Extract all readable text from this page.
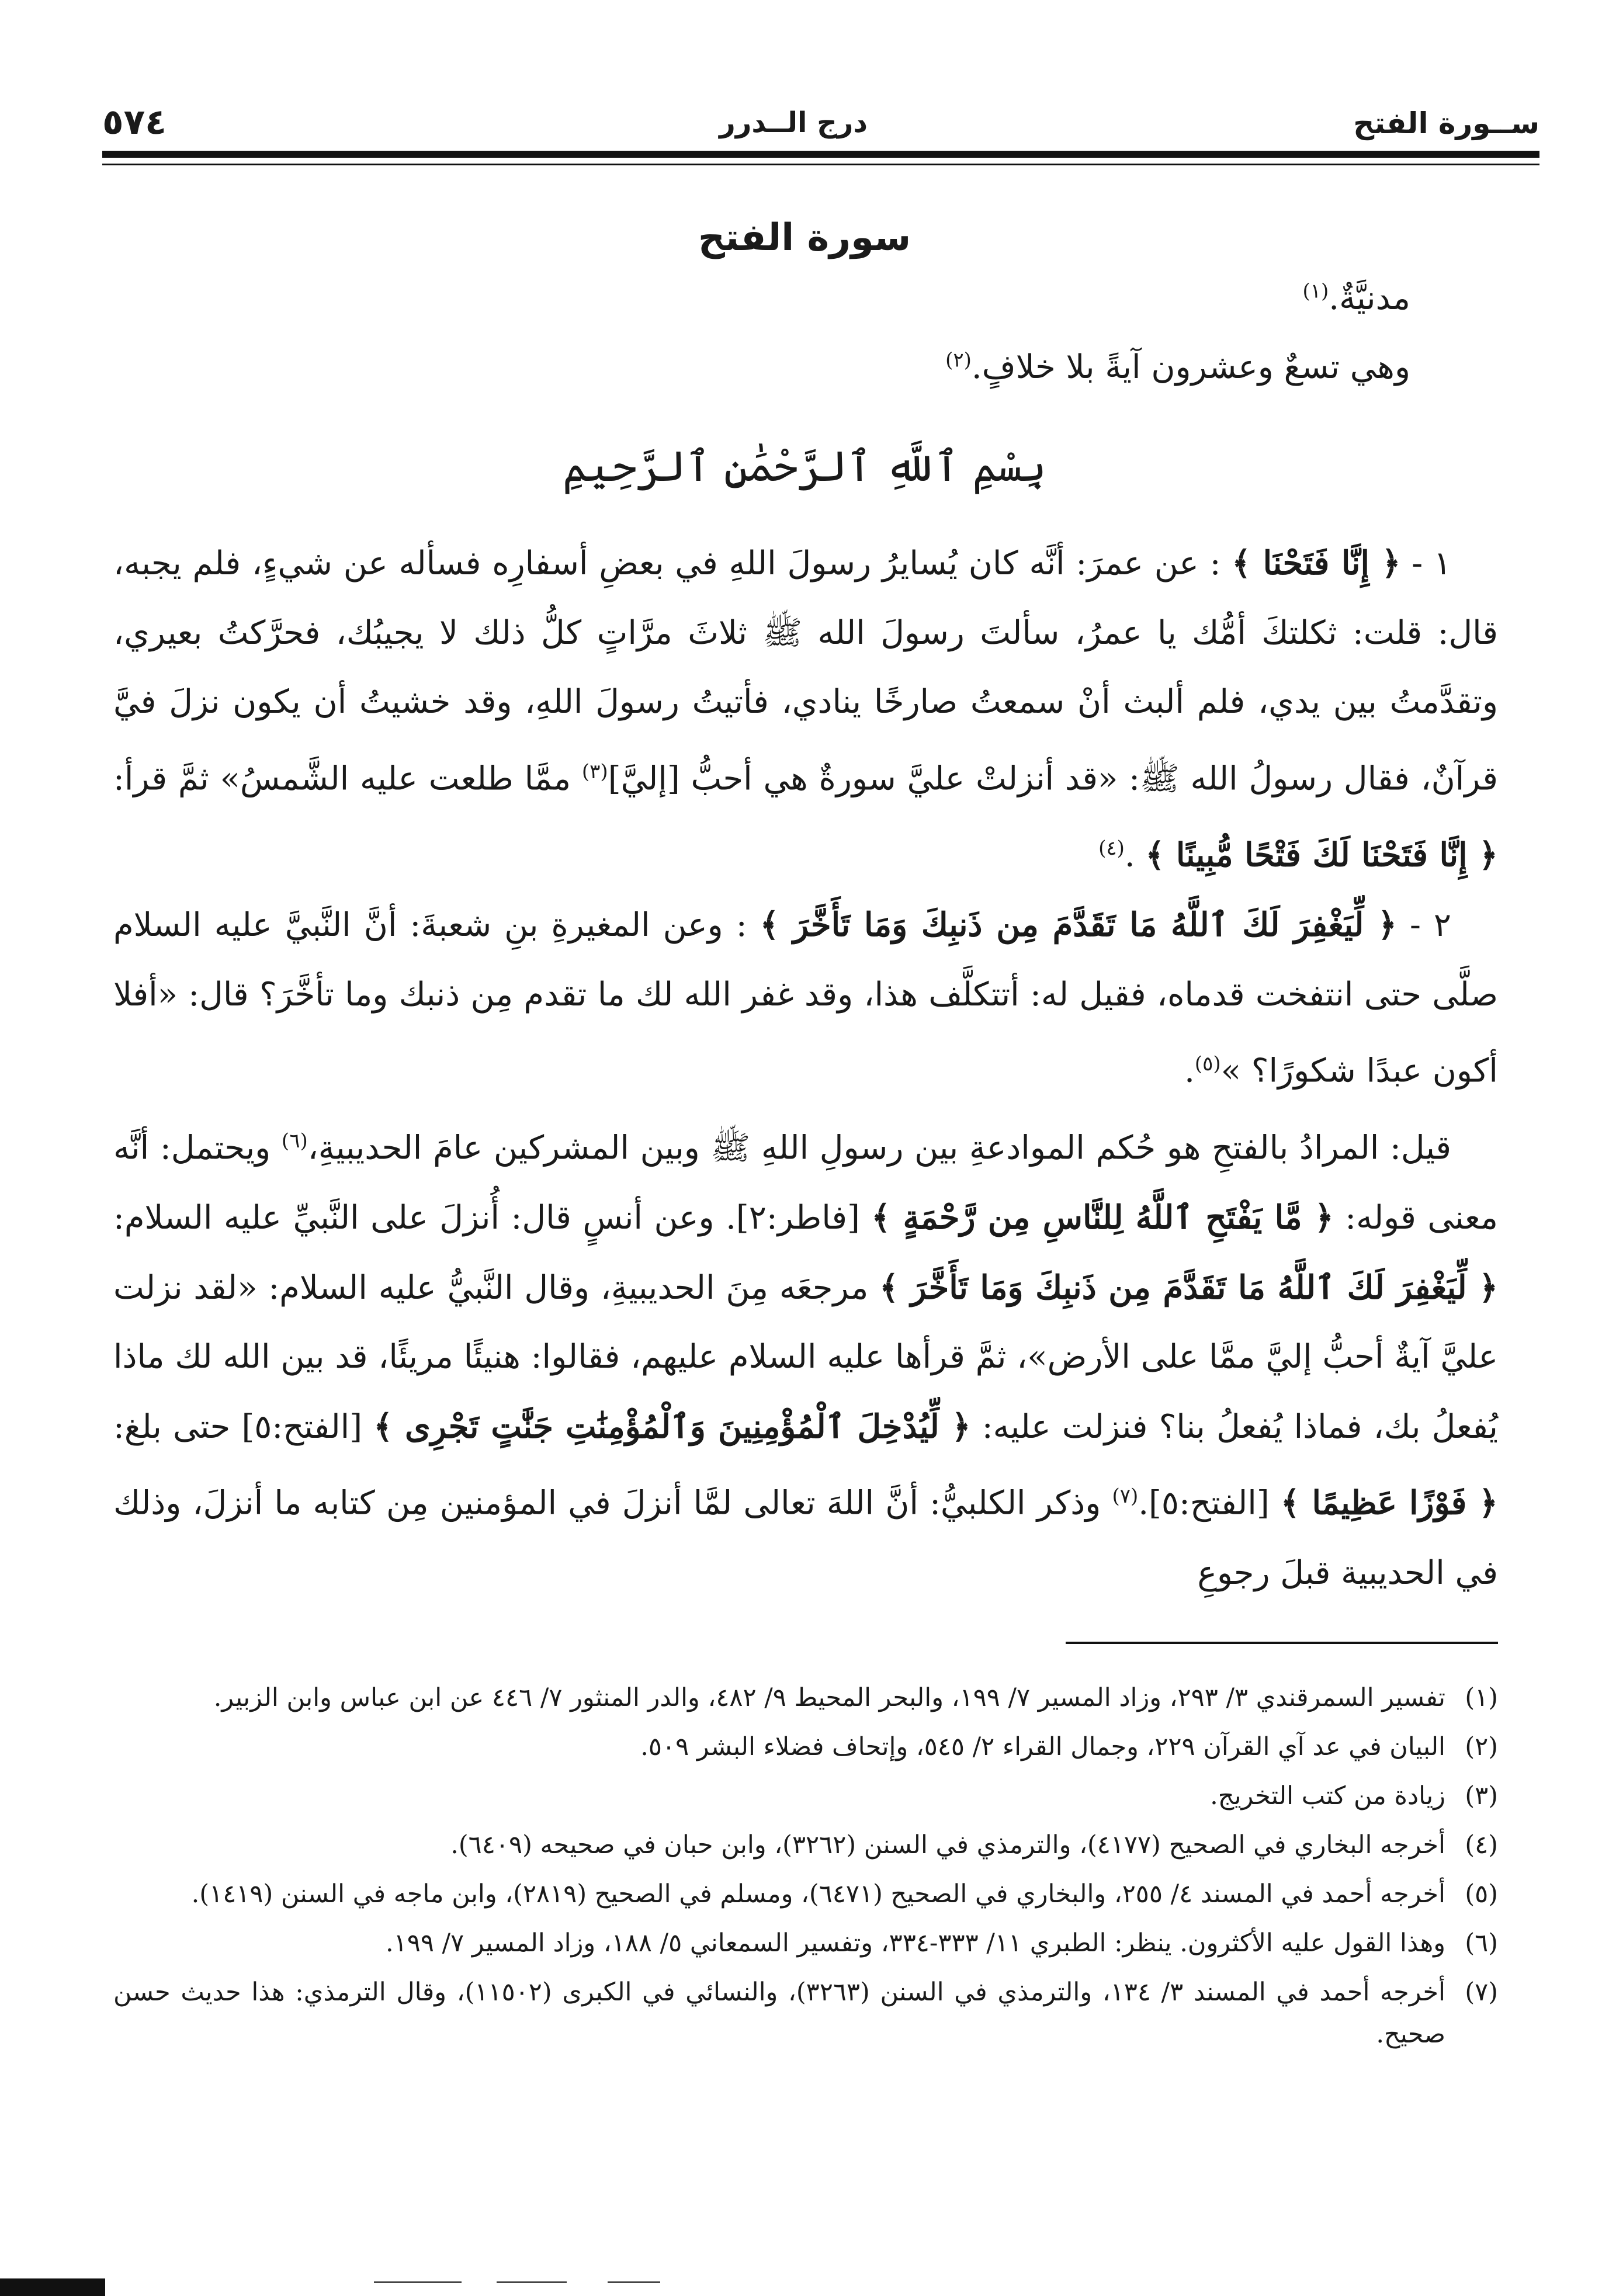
ســورة الفتح
درج الــدرر
٥٧٤
سورة الفتح
مدنيَّةٌ.$^{(١)}$
وهي تسعٌ وعشرون آيةً بلا خلافٍ.$^{(٢)}$
بِسْمِ ٱللَّهِ ٱلرَّحْمَٰنِ ٱلرَّحِيمِ

١ - ﴿ إِنَّا فَتَحْنَا ﴾ : عن عمرَ: أنَّه كان يُسايرُ رسولَ اللهِ في بعضِ أسفارِه فسأله عن شيءٍ، فلم يجبه، قال: قلت: ثكلتكَ أمُّك يا عمرُ، سألتَ رسولَ الله ﷺ ثلاثَ مرَّاتٍ كلُّ ذلك لا يجيبُك، فحرَّكتُ بعيري، وتقدَّمتُ بين يدي، فلم ألبث أنْ سمعتُ صارخًا ينادي، فأتيتُ رسولَ اللهِ، وقد خشيتُ أن يكون نزلَ فيَّ قرآنٌ، فقال رسولُ الله ﷺ: «قد أنزلتْ عليَّ سورةٌ هي أحبُّ [إليَّ]$^{(٣)}$ ممَّا طلعت عليه الشَّمسُ» ثمَّ قرأ: ﴿ إِنَّا فَتَحْنَا لَكَ فَتْحًا مُّبِينًا ﴾ .$^{(٤)}$

٢ - ﴿ لِّيَغْفِرَ لَكَ ٱللَّهُ مَا تَقَدَّمَ مِن ذَنبِكَ وَمَا تَأَخَّرَ ﴾ : وعن المغيرةِ بنِ شعبةَ: أنَّ النَّبيَّ عليه السلام صلَّى حتى انتفخت قدماه، فقيل له: أتتكلَّف هذا، وقد غفر الله لك ما تقدم مِن ذنبك وما تأخَّرَ؟ قال: «أفلا أكون عبدًا شكورًا؟ »$^{(٥)}$.

قيل: المرادُ بالفتحِ هو حُكم الموادعةِ بين رسولِ اللهِ ﷺ وبين المشركين عامَ الحديبيةِ،$^{(٦)}$ ويحتمل: أنَّه معنى قوله: ﴿ مَّا يَفْتَحِ ٱللَّهُ لِلنَّاسِ مِن رَّحْمَةٍ ﴾ [فاطر:٢]. وعن أنسٍ قال: أُنزلَ على النَّبيِّ عليه السلام: ﴿ لِّيَغْفِرَ لَكَ ٱللَّهُ مَا تَقَدَّمَ مِن ذَنبِكَ وَمَا تَأَخَّرَ ﴾ مرجعَه مِنَ الحديبيةِ، وقال النَّبيُّ عليه السلام: «لقد نزلت عليَّ آيةٌ أحبُّ إليَّ ممَّا على الأرض»، ثمَّ قرأها عليه السلام عليهم، فقالوا: هنيئًا مريئًا، قد بين الله لك ماذا يُفعلُ بك، فماذا يُفعلُ بنا؟ فنزلت عليه: ﴿ لِّيُدْخِلَ ٱلْمُؤْمِنِينَ وَٱلْمُؤْمِنَٰتِ جَنَّٰتٍ تَجْرِى ﴾ [الفتح:٥] حتى بلغ: ﴿ فَوْزًا عَظِيمًا ﴾ [الفتح:٥].$^{(٧)}$ وذكر الكلبيُّ: أنَّ اللهَ تعالى لمَّا أنزلَ في المؤمنين مِن كتابه ما أنزلَ، وذلك في الحديبية قبلَ رجوعِ

(١)
تفسير السمرقندي ٣/ ٢٩٣، وزاد المسير ٧/ ١٩٩، والبحر المحيط ٩/ ٤٨٢، والدر المنثور ٧/ ٤٤٦ عن ابن عباس وابن الزبير.

(٢)
البيان في عد آي القرآن ٢٢٩، وجمال القراء ٢/ ٥٤٥، وإتحاف فضلاء البشر ٥٠٩.

(٣)
زيادة من كتب التخريج.

(٤)
أخرجه البخاري في الصحيح (٤١٧٧)، والترمذي في السنن (٣٢٦٢)، وابن حبان في صحيحه (٦٤٠٩).

(٥)
أخرجه أحمد في المسند ٤/ ٢٥٥، والبخاري في الصحيح (٦٤٧١)، ومسلم في الصحيح (٢٨١٩)، وابن ماجه في السنن (١٤١٩).

(٦)
وهذا القول عليه الأكثرون. ينظر: الطبري ١١/ ٣٣٣-٣٣٤، وتفسير السمعاني ٥/ ١٨٨، وزاد المسير ٧/ ١٩٩.

(٧)
أخرجه أحمد في المسند ٣/ ١٣٤، والترمذي في السنن (٣٢٦٣)، والنسائي في الكبرى (١١٥٠٢)، وقال الترمذي: هذا حديث حسن صحيح.
